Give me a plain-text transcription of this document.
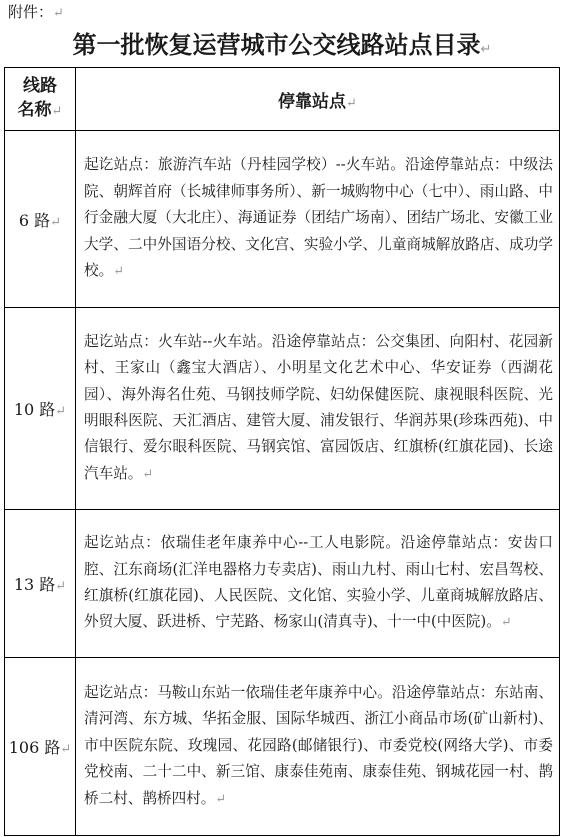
附件：↵
第一批恢复运营城市公交线路站点目录↵
线路
名称↵	停靠站点↵
6 路↵	起讫站点：旅游汽车站（丹桂园学校）--火车站。沿途停靠站点：中级法院、朝辉首府（长城律师事务所）、新一城购物中心（七中）、雨山路、中行金融大厦（大北庄）、海通证券（团结广场南）、团结广场北、安徽工业大学、二中外国语分校、文化宫、实验小学、儿童商城解放路店、成功学校。↵
10 路↵	起讫站点：火车站--火车站。沿途停靠站点：公交集团、向阳村、花园新村、王家山（鑫宝大酒店）、小明星文化艺术中心、华安证券（西湖花园）、海外海名仕苑、马钢技师学院、妇幼保健医院、康视眼科医院、光明眼科医院、天汇酒店、建管大厦、浦发银行、华润苏果(珍珠西苑)、中信银行、爱尔眼科医院、马钢宾馆、富园饭店、红旗桥(红旗花园)、长途汽车站。↵
13 路↵	起讫站点：依瑞佳老年康养中心--工人电影院。沿途停靠站点：安齿口腔、江东商场(汇洋电器格力专卖店)、雨山九村、雨山七村、宏昌驾校、红旗桥(红旗花园)、人民医院、文化馆、实验小学、儿童商城解放路店、外贸大厦、跃进桥、宁芜路、杨家山(清真寺)、十一中(中医院)。↵
106 路↵	起讫站点：马鞍山东站一依瑞佳老年康养中心。沿途停靠站点：东站南、清河湾、东方城、华拓金服、国际华城西、浙江小商品市场(矿山新村)、市中医院东院、玫瑰园、花园路(邮储银行)、市委党校(网络大学)、市委党校南、二十二中、新三馆、康泰佳苑南、康泰佳苑、钢城花园一村、鹊桥二村、鹊桥四村。↵
